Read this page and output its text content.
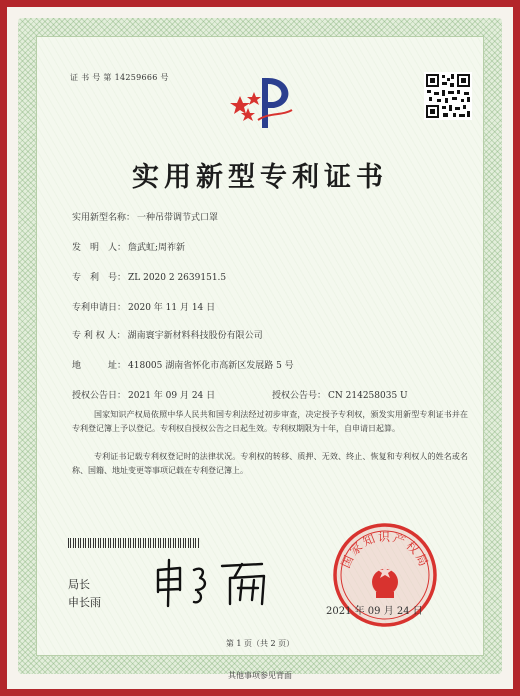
证 书 号 第 14259666 号
实用新型专利证书
实用新型名称： 一种吊带调节式口罩
发　明　人： 詹武虹;周祚新
专　利　号： ZL 2020 2 2639151.5
专利申请日： 2020 年 11 月 14 日
专 利 权 人： 湖南寰宇新材料科技股份有限公司
地　　　址： 418005 湖南省怀化市高新区发展路 5 号
授权公告日： 2021 年 09 月 24 日	授权公告号： CN 214258035 U
国家知识产权局依照中华人民共和国专利法经过初步审查，决定授予专利权，颁发实用新型专利证书并在专利登记簿上予以登记。专利权自授权公告之日起生效。专利权期限为十年，自申请日起算。
专利证书记载专利权登记时的法律状况。专利权的转移、质押、无效、终止、恢复和专利权人的姓名或名称、国籍、地址变更等事项记载在专利登记簿上。
局长
申长雨
国家知识产权局
2021 年 09 月 24 日
第 1 页（共 2 页）
其他事项参见背面
